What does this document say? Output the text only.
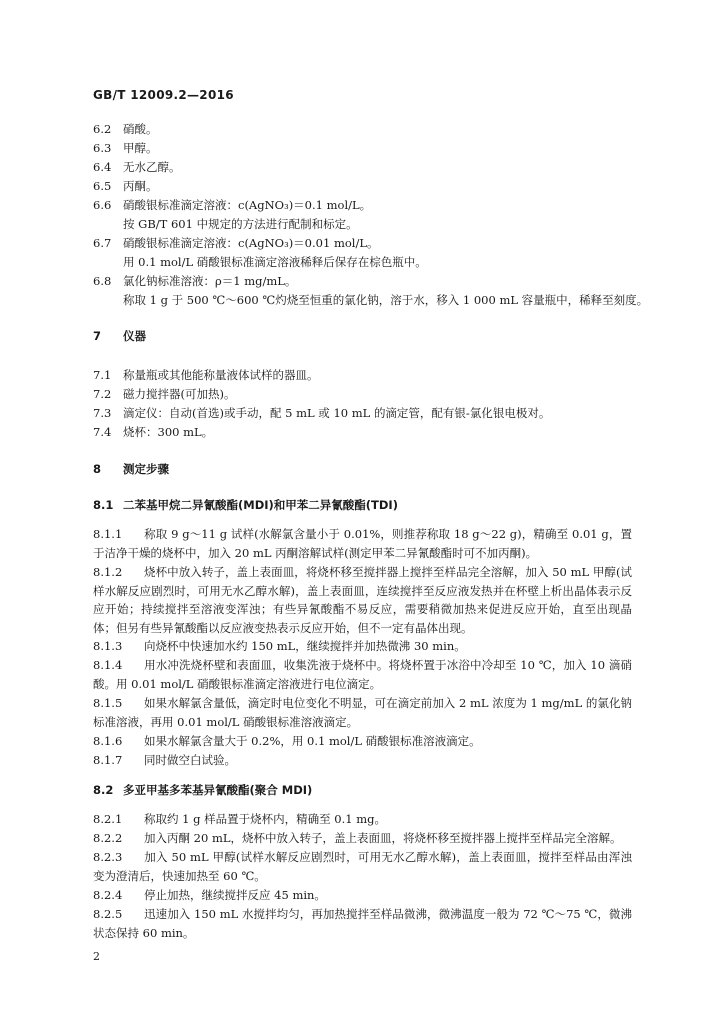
GB/T 12009.2—2016
6.2 硝酸。
6.3 甲醇。
6.4 无水乙醇。
6.5 丙酮。
6.6 硝酸银标准滴定溶液：c(AgNO₃)＝0.1 mol/L。
按 GB/T 601 中规定的方法进行配制和标定。
6.7 硝酸银标准滴定溶液：c(AgNO₃)＝0.01 mol/L。
用 0.1 mol/L 硝酸银标准滴定溶液稀释后保存在棕色瓶中。
6.8 氯化钠标准溶液：ρ＝1 mg/mL。
称取 1 g 于 500 ℃～600 ℃灼烧至恒重的氯化钠，溶于水，移入 1 000 mL 容量瓶中，稀释至刻度。
7 仪器
7.1 称量瓶或其他能称量液体试样的器皿。
7.2 磁力搅拌器(可加热)。
7.3 滴定仪：自动(首选)或手动，配 5 mL 或 10 mL 的滴定管，配有银-氯化银电极对。
7.4 烧杯：300 mL。
8 测定步骤
8.1 二苯基甲烷二异氰酸酯(MDI)和甲苯二异氰酸酯(TDI)
8.1.1 称取 9 g～11 g 试样(水解氯含量小于 0.01%，则推荐称取 18 g～22 g)，精确至 0.01 g，置于洁净干燥的烧杯中，加入 20 mL 丙酮溶解试样(测定甲苯二异氰酸酯时可不加丙酮)。
8.1.2 烧杯中放入转子，盖上表面皿，将烧杯移至搅拌器上搅拌至样品完全溶解，加入 50 mL 甲醇(试样水解反应剧烈时，可用无水乙醇水解)，盖上表面皿，连续搅拌至反应液发热并在杯壁上析出晶体表示反应开始；持续搅拌至溶液变浑浊；有些异氰酸酯不易反应，需要稍微加热来促进反应开始，直至出现晶体；但另有些异氰酸酯以反应液变热表示反应开始，但不一定有晶体出现。
8.1.3 向烧杯中快速加水约 150 mL，继续搅拌并加热微沸 30 min。
8.1.4 用水冲洗烧杯壁和表面皿，收集洗液于烧杯中。将烧杯置于冰浴中冷却至 10 ℃，加入 10 滴硝酸。用 0.01 mol/L 硝酸银标准滴定溶液进行电位滴定。
8.1.5 如果水解氯含量低，滴定时电位变化不明显，可在滴定前加入 2 mL 浓度为 1 mg/mL 的氯化钠标准溶液，再用 0.01 mol/L 硝酸银标准溶液滴定。
8.1.6 如果水解氯含量大于 0.2%，用 0.1 mol/L 硝酸银标准溶液滴定。
8.1.7 同时做空白试验。
8.2 多亚甲基多苯基异氰酸酯(聚合 MDI)
8.2.1 称取约 1 g 样品置于烧杯内，精确至 0.1 mg。
8.2.2 加入丙酮 20 mL，烧杯中放入转子，盖上表面皿，将烧杯移至搅拌器上搅拌至样品完全溶解。
8.2.3 加入 50 mL 甲醇(试样水解反应剧烈时，可用无水乙醇水解)，盖上表面皿，搅拌至样品由浑浊变为澄清后，快速加热至 60 ℃。
8.2.4 停止加热，继续搅拌反应 45 min。
8.2.5 迅速加入 150 mL 水搅拌均匀，再加热搅拌至样品微沸，微沸温度一般为 72 ℃～75 ℃，微沸状态保持 60 min。
2
